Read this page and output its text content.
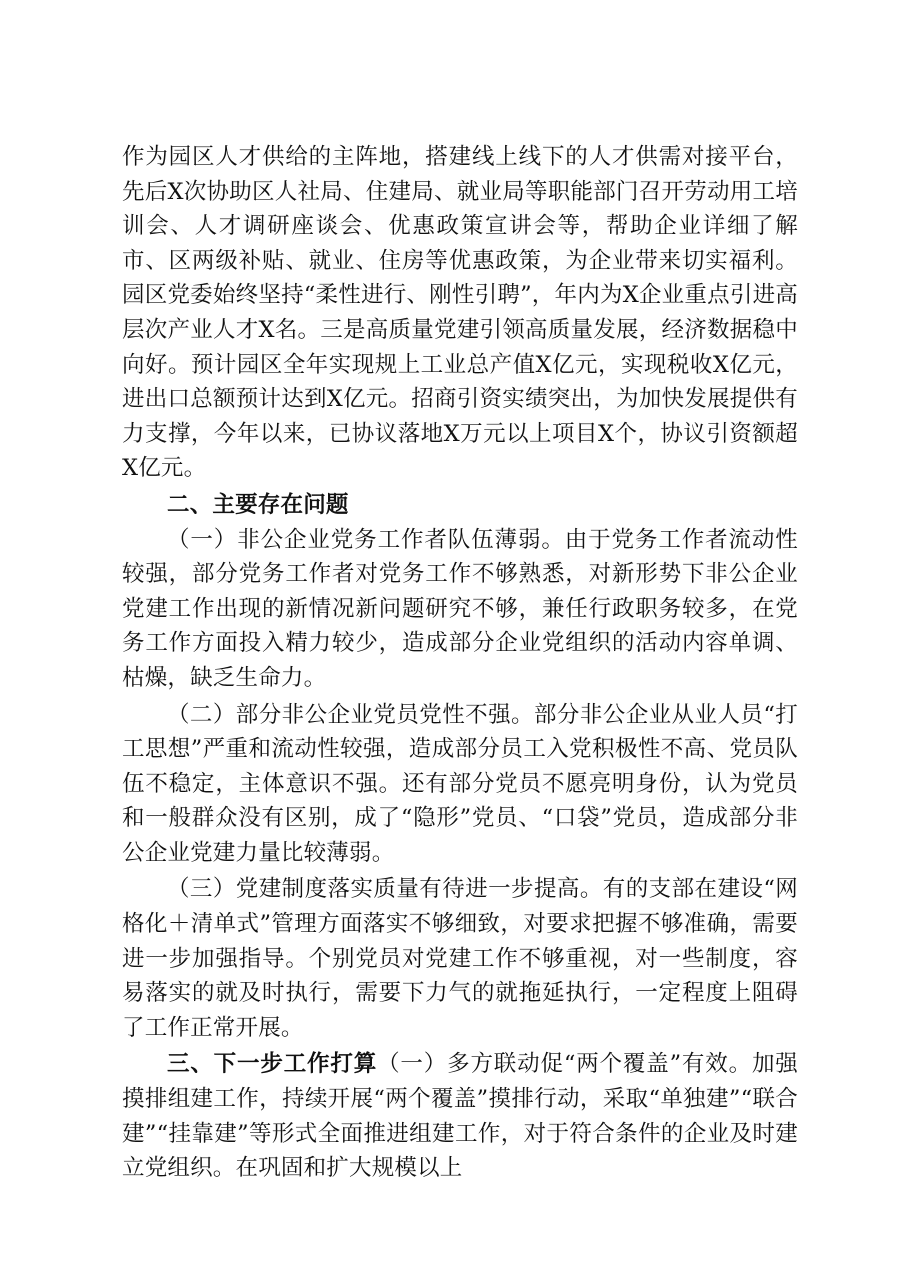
作为园区人才供给的主阵地，搭建线上线下的人才供需对接平台，先后X次协助区人社局、住建局、就业局等职能部门召开劳动用工培训会、人才调研座谈会、优惠政策宣讲会等，帮助企业详细了解市、区两级补贴、就业、住房等优惠政策，为企业带来切实福利。园区党委始终坚持“柔性进行、刚性引聘”，年内为X企业重点引进高层次产业人才X名。三是高质量党建引领高质量发展，经济数据稳中向好。预计园区全年实现规上工业总产值X亿元，实现税收X亿元，进出口总额预计达到X亿元。招商引资实绩突出，为加快发展提供有力支撑，今年以来，已协议落地X万元以上项目X个，协议引资额超X亿元。

二、主要存在问题

（一）非公企业党务工作者队伍薄弱。由于党务工作者流动性较强，部分党务工作者对党务工作不够熟悉，对新形势下非公企业党建工作出现的新情况新问题研究不够，兼任行政职务较多，在党务工作方面投入精力较少，造成部分企业党组织的活动内容单调、枯燥，缺乏生命力。

（二）部分非公企业党员党性不强。部分非公企业从业人员“打工思想”严重和流动性较强，造成部分员工入党积极性不高、党员队伍不稳定，主体意识不强。还有部分党员不愿亮明身份，认为党员和一般群众没有区别，成了“隐形”党员、“口袋”党员，造成部分非公企业党建力量比较薄弱。

（三）党建制度落实质量有待进一步提高。有的支部在建设“网格化＋清单式”管理方面落实不够细致，对要求把握不够准确，需要进一步加强指导。个别党员对党建工作不够重视，对一些制度，容易落实的就及时执行，需要下力气的就拖延执行，一定程度上阻碍了工作正常开展。

三、下一步工作打算（一）多方联动促“两个覆盖”有效。加强摸排组建工作，持续开展“两个覆盖”摸排行动，采取“单独建”“联合建”“挂靠建”等形式全面推进组建工作，对于符合条件的企业及时建立党组织。在巩固和扩大规模以上
